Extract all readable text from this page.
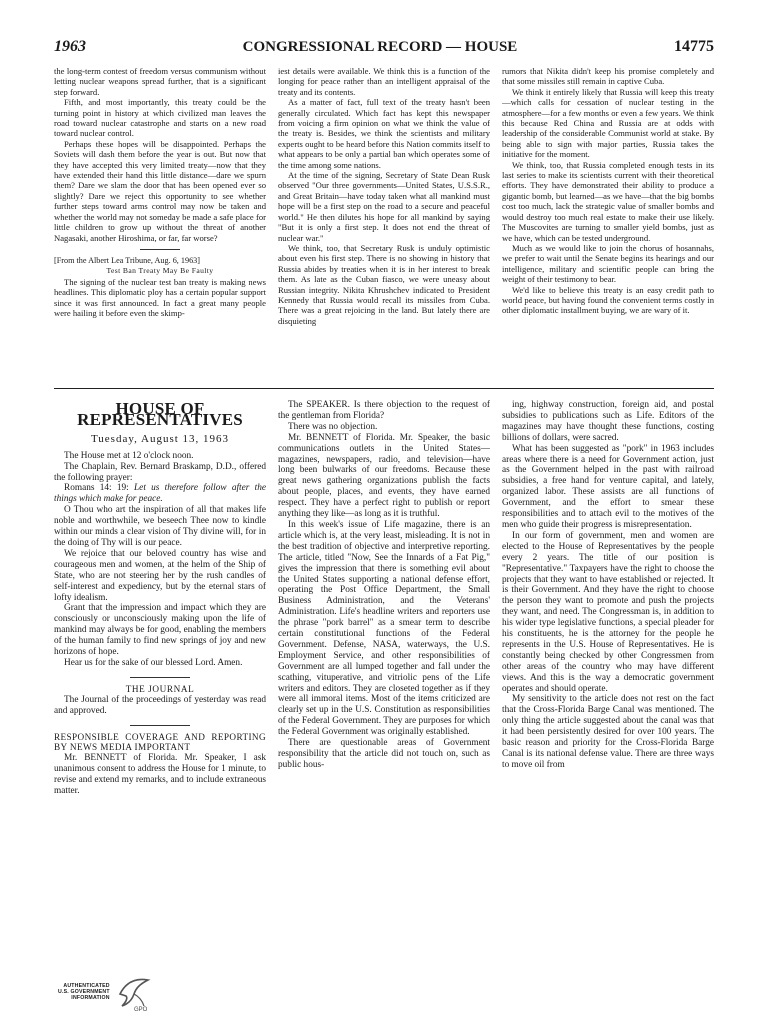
1963	CONGRESSIONAL RECORD — HOUSE	14775

the long-term contest of freedom versus communism without letting nuclear weapons spread further, that is a significant step forward.

Fifth, and most importantly, this treaty could be the turning point in history at which civilized man leaves the road toward nuclear catastrophe and starts on a new road toward nuclear control.

Perhaps these hopes will be disappointed. Perhaps the Soviets will dash them before the year is out. But now that they have accepted this very limited treaty—now that they have extended their hand this little distance—dare we spurn them? Dare we slam the door that has been opened ever so slightly? Dare we reject this opportunity to see whether further steps toward arms control may now be taken and whether the world may not someday be made a safe place for little children to grow up without the threat of another Nagasaki, another Hiroshima, or far, far worse?

[From the Albert Lea Tribune, Aug. 6, 1963]

Test Ban Treaty May Be Faulty

The signing of the nuclear test ban treaty is making news headlines. This diplomatic ploy has a certain popular support since it was first announced. In fact a great many people were hailing it before even the skimp-

iest details were available. We think this is a function of the longing for peace rather than an intelligent appraisal of the treaty and its contents.

As a matter of fact, full text of the treaty hasn't been generally circulated. Which fact has kept this newspaper from voicing a firm opinion on what we think the value of the treaty is. Besides, we think the scientists and military experts ought to be heard before this Nation commits itself to what appears to be only a partial ban which operates some of the time among some nations.

At the time of the signing, Secretary of State Dean Rusk observed "Our three governments—United States, U.S.S.R., and Great Britain—have today taken what all mankind must hope will be a first step on the road to a secure and peaceful world." He then dilutes his hope for all mankind by saying "But it is only a first step. It does not end the threat of nuclear war."

We think, too, that Secretary Rusk is unduly optimistic about even his first step. There is no showing in history that Russia abides by treaties when it is in her interest to break them. As late as the Cuban fiasco, we were uneasy about Russian integrity. Nikita Khrushchev indicated to President Kennedy that Russia would recall its missiles from Cuba. There was a great rejoicing in the land. But lately there are disquieting

rumors that Nikita didn't keep his promise completely and that some missiles still remain in captive Cuba.

We think it entirely likely that Russia will keep this treaty—which calls for cessation of nuclear testing in the atmosphere—for a few months or even a few years. We think this because Red China and Russia are at odds with leadership of the considerable Communist world at stake. By being able to sign with major parties, Russia takes the initiative for the moment.

We think, too, that Russia completed enough tests in its last series to make its scientists current with their theoretical efforts. They have demonstrated their ability to produce a gigantic bomb, but learned—as we have—that the big bombs cost too much, lack the strategic value of smaller bombs and would destroy too much real estate to make their use likely. The Muscovites are turning to smaller yield bombs, just as we have, which can be tested underground.

Much as we would like to join the chorus of hosannahs, we prefer to wait until the Senate begins its hearings and our intelligence, military and scientific people can bring the weight of their testimony to bear.

We'd like to believe this treaty is an easy credit path to world peace, but having found the convenient terms costly in other diplomatic installment buying, we are wary of it.

HOUSE OF REPRESENTATIVES
Tuesday, August 13, 1963

The House met at 12 o'clock noon.

The Chaplain, Rev. Bernard Braskamp, D.D., offered the following prayer:

Romans 14: 19: Let us therefore follow after the things which make for peace.

O Thou who art the inspiration of all that makes life noble and worthwhile, we beseech Thee now to kindle within our minds a clear vision of Thy divine will, for in the doing of Thy will is our peace.

We rejoice that our beloved country has wise and courageous men and women, at the helm of the Ship of State, who are not steering her by the rush candles of self-interest and expediency, but by the eternal stars of lofty idealism.

Grant that the impression and impact which they are consciously or unconsciously making upon the life of mankind may always be for good, enabling the members of the human family to find new springs of joy and new horizons of hope.

Hear us for the sake of our blessed Lord. Amen.

THE JOURNAL

The Journal of the proceedings of yesterday was read and approved.

RESPONSIBLE COVERAGE AND REPORTING BY NEWS MEDIA IMPORTANT

Mr. BENNETT of Florida. Mr. Speaker, I ask unanimous consent to address the House for 1 minute, to revise and extend my remarks, and to include extraneous matter.

The SPEAKER. Is there objection to the request of the gentleman from Florida?

There was no objection.

Mr. BENNETT of Florida. Mr. Speaker, the basic communications outlets in the United States—magazines, newspapers, radio, and television—have long been bulwarks of our freedoms. Because these great news gathering organizations publish the facts about people, places, and events, they have earned respect. They have a perfect right to publish or report anything they like—as long as it is truthful.

In this week's issue of Life magazine, there is an article which is, at the very least, misleading. It is not in the best tradition of objective and interpretive reporting. The article, titled "Now, See the Innards of a Fat Pig," gives the impression that there is something evil about the United States supporting a national defense effort, operating the Post Office Department, the Small Business Administration, and the Veterans' Administration. Life's headline writers and reporters use the phrase "pork barrel" as a smear term to describe certain constitutional functions of the Federal Government. Defense, NASA, waterways, the U.S. Employment Service, and other responsibilities of Government are all lumped together and fall under the scathing, vituperative, and vitriolic pens of the Life writers and editors. They are closeted together as if they were all immoral items. Most of the items criticized are clearly set up in the U.S. Constitution as responsibilities of the Federal Government. They are purposes for which the Federal Government was originally established.

There are questionable areas of Government responsibility that the article did not touch on, such as public hous-

ing, highway construction, foreign aid, and postal subsidies to publications such as Life. Editors of the magazines may have thought these functions, costing billions of dollars, were sacred.

What has been suggested as "pork" in 1963 includes areas where there is a need for Government action, just as the Government helped in the past with railroad subsidies, a free hand for venture capital, and lately, organized labor. These assists are all functions of Government, and the effort to smear these responsibilities and to attach evil to the motives of the men who guide their progress is misrepresentation.

In our form of government, men and women are elected to the House of Representatives by the people every 2 years. The title of our position is "Representative." Taxpayers have the right to choose the projects that they want to have established or rejected. It is their Government. And they have the right to choose the person they want to promote and push the projects they want, and need. The Congressman is, in addition to his wider type legislative functions, a special pleader for his constituents, he is the attorney for the people he represents in the U.S. House of Representatives. He is constantly being checked by other Congressmen from other areas of the country who may have different views. And this is the way a democratic government operates and should operate.

My sensitivity to the article does not rest on the fact that the Cross-Florida Barge Canal was mentioned. The only thing the article suggested about the canal was that it had been persistently desired for over 100 years. The basic reason and priority for the Cross-Florida Barge Canal is its national defense value. There are three ways to move oil from

AUTHENTICATED
U.S. GOVERNMENT
INFORMATION
GPO
